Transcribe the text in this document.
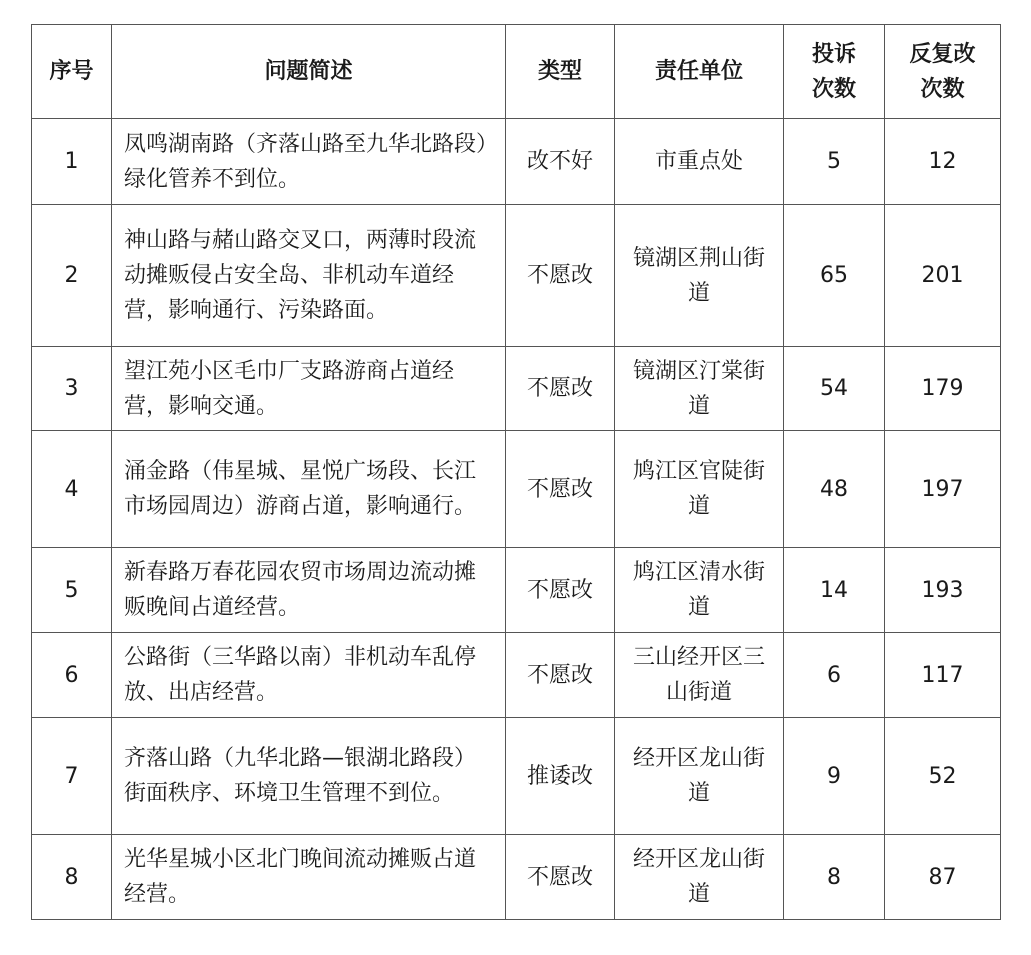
序号	问题简述	类型	责任单位	投诉次数	反复改次数
1	凤鸣湖南路（齐落山路至九华北路段）绿化管养不到位。	改不好	市重点处	5	12
2	神山路与赭山路交叉口，两薄时段流动摊贩侵占安全岛、非机动车道经营，影响通行、污染路面。	不愿改	镜湖区荆山街道	65	201
3	望江苑小区毛巾厂支路游商占道经营，影响交通。	不愿改	镜湖区汀棠街道	54	179
4	涌金路（伟星城、星悦广场段、长江市场园周边）游商占道，影响通行。	不愿改	鸠江区官陡街道	48	197
5	新春路万春花园农贸市场周边流动摊贩晚间占道经营。	不愿改	鸠江区清水街道	14	193
6	公路街（三华路以南）非机动车乱停放、出店经营。	不愿改	三山经开区三山街道	6	117
7	齐落山路（九华北路—银湖北路段）街面秩序、环境卫生管理不到位。	推诿改	经开区龙山街道	9	52
8	光华星城小区北门晚间流动摊贩占道经营。	不愿改	经开区龙山街道	8	87
